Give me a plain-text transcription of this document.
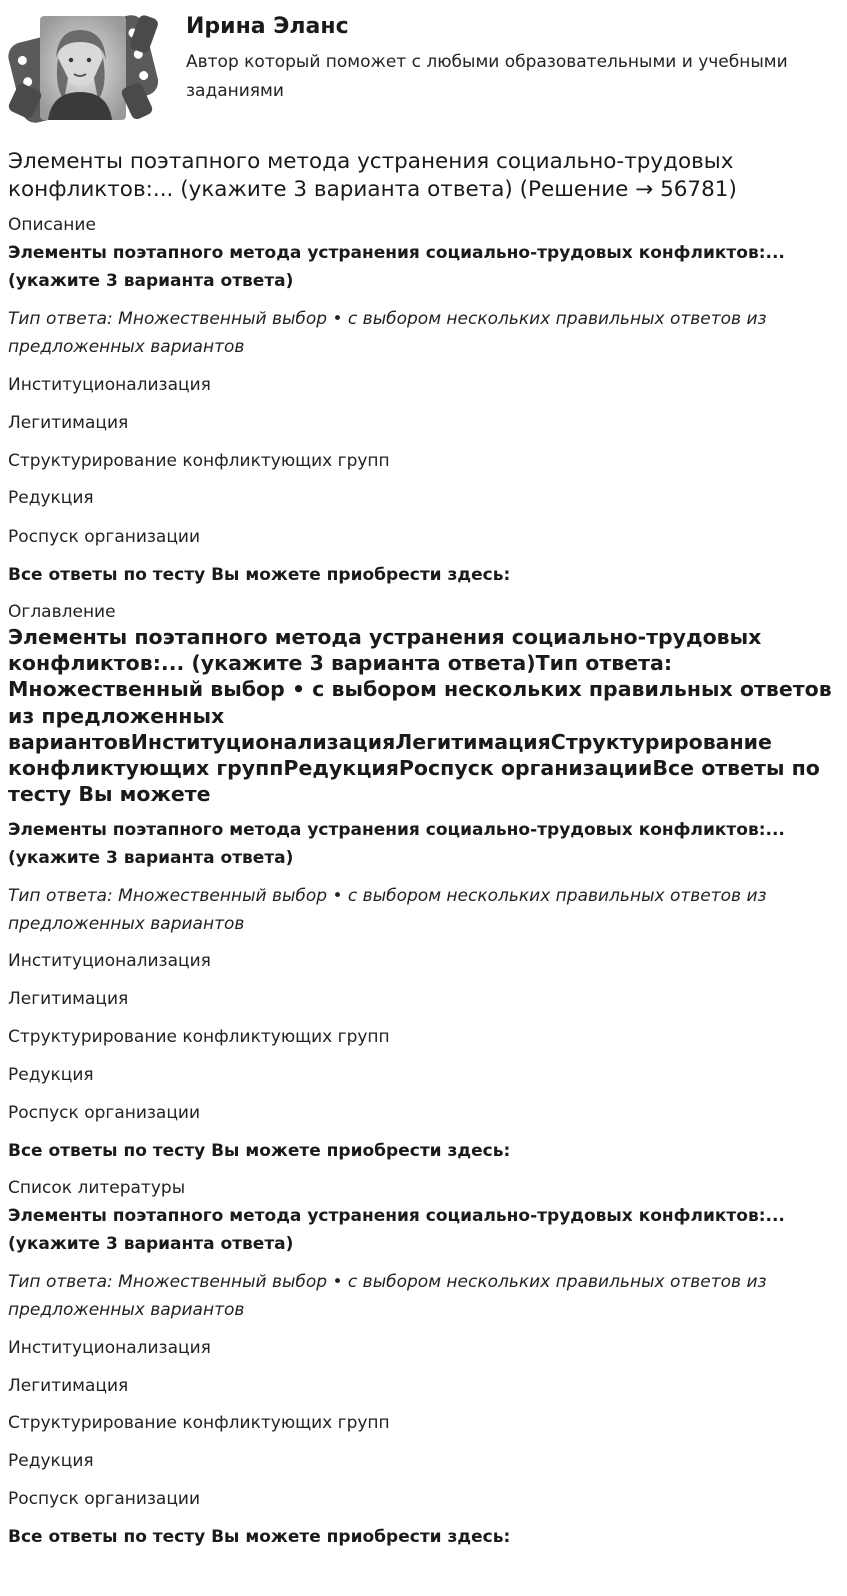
Ирина Эланс
Автор который поможет с любыми образовательными и учебными заданиями
Элементы поэтапного метода устранения социально-трудовых конфликтов:... (укажите 3 варианта ответа) (Решение → 56781)
Описание
Элементы поэтапного метода устранения социально-трудовых конфликтов:... (укажите 3 варианта ответа)
Тип ответа: Множественный выбор • с выбором нескольких правильных ответов из предложенных вариантов
Институционализация
Легитимация
Структурирование конфликтующих групп
Редукция
Роспуск организации
Все ответы по тесту Вы можете приобрести здесь:
Оглавление
Элементы поэтапного метода устранения социально-трудовых конфликтов:... (укажите 3 варианта ответа)Тип ответа: Множественный выбор • с выбором нескольких правильных ответов из предложенных вариантовИнституционализацияЛегитимацияСтруктурирование конфликтующих группРедукцияРоспуск организацииВсе ответы по тесту Вы можете
Элементы поэтапного метода устранения социально-трудовых конфликтов:... (укажите 3 варианта ответа)
Тип ответа: Множественный выбор • с выбором нескольких правильных ответов из предложенных вариантов
Институционализация
Легитимация
Структурирование конфликтующих групп
Редукция
Роспуск организации
Все ответы по тесту Вы можете приобрести здесь:
Список литературы
Элементы поэтапного метода устранения социально-трудовых конфликтов:... (укажите 3 варианта ответа)
Тип ответа: Множественный выбор • с выбором нескольких правильных ответов из предложенных вариантов
Институционализация
Легитимация
Структурирование конфликтующих групп
Редукция
Роспуск организации
Все ответы по тесту Вы можете приобрести здесь:
